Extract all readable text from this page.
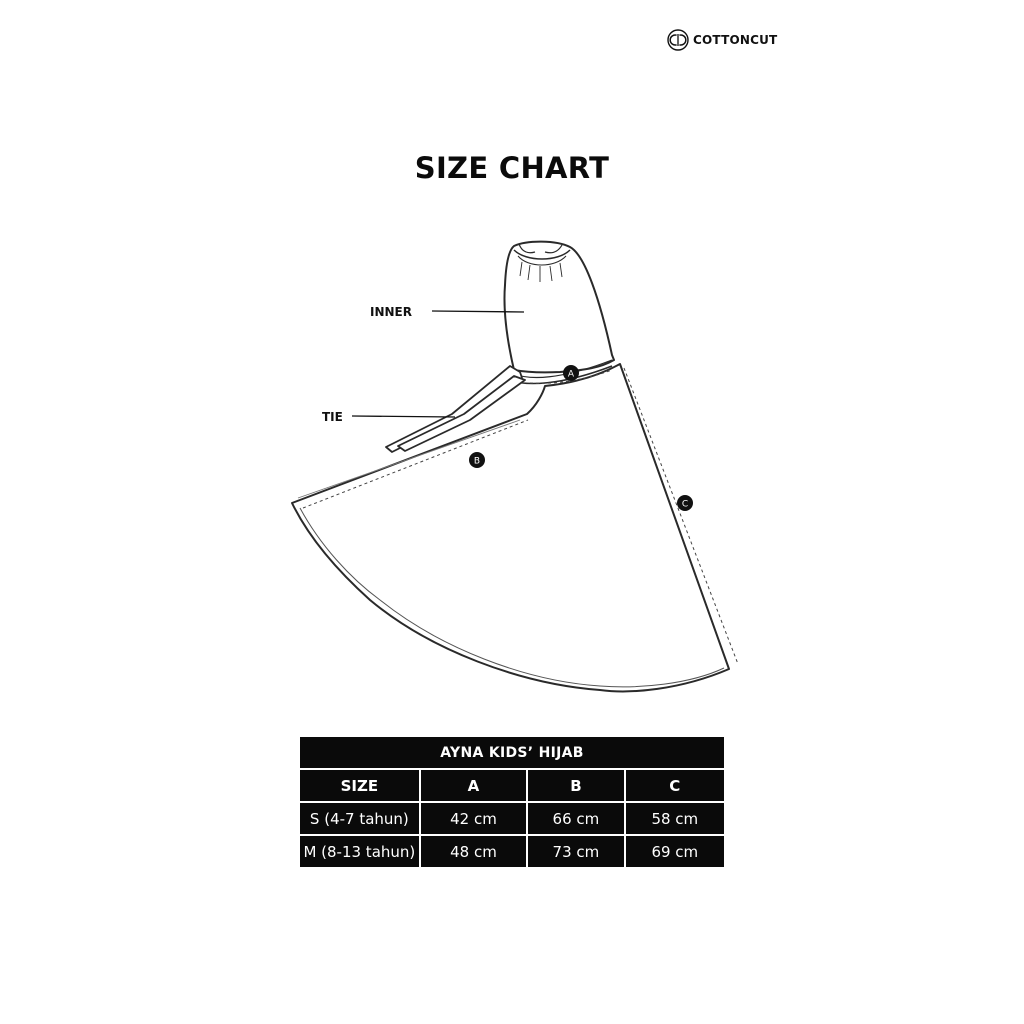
COTTONCUT
SIZE CHART
INNER
TIE
A
B
C
AYNA KIDS’ HIJAB			
SIZE	A	B	C
S (4-7 tahun)	42 cm	66 cm	58 cm
M (8-13 tahun)	48 cm	73 cm	69 cm
